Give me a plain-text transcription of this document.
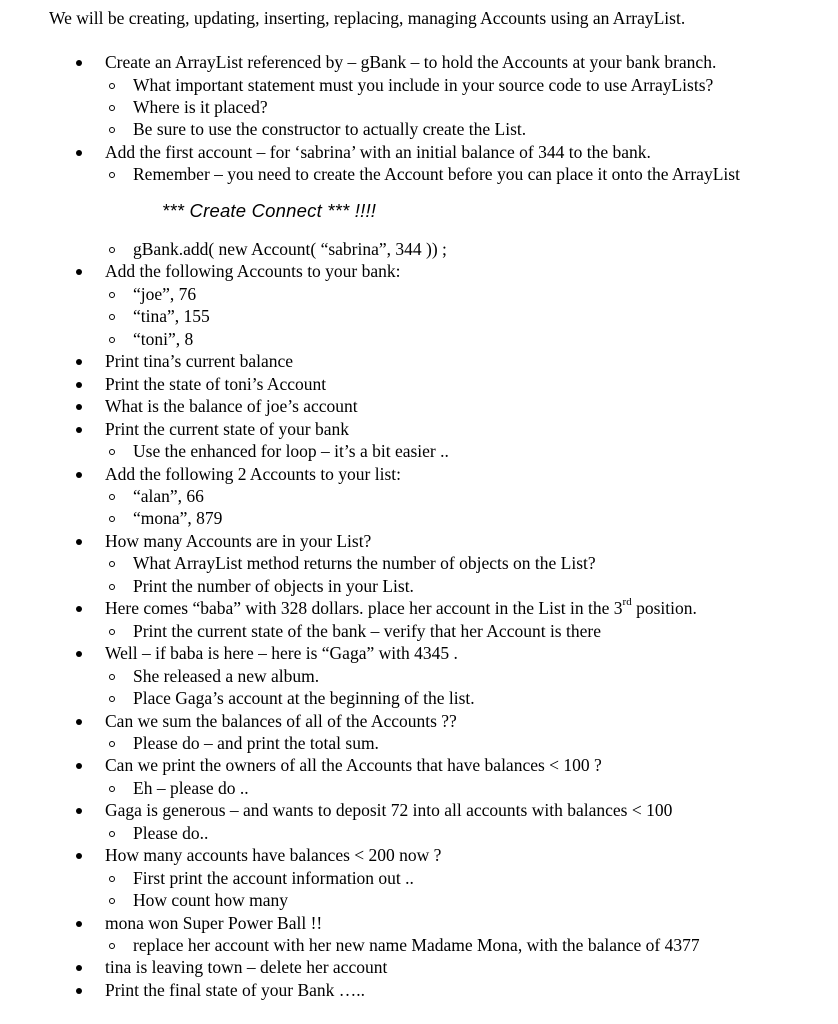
We will be creating, updating, inserting, replacing, managing Accounts using an ArrayList.
Create an ArrayList referenced by – gBank – to hold the Accounts at your bank branch.
What important statement must you include in your source code to use ArrayLists?
Where is it placed?
Be sure to use the constructor to actually create the List.
Add the first account – for ‘sabrina’ with an initial balance of 344 to the bank.
Remember – you need to create the Account before you can place it onto the ArrayList
*** Create Connect *** !!!!
gBank.add( new Account( “sabrina”, 344 )) ;
Add the following Accounts to your bank:
“joe”, 76
“tina”, 155
“toni”, 8
Print tina’s current balance
Print the state of toni’s Account
What is the balance of joe’s account
Print the current state of your bank
Use the enhanced for loop – it’s a bit easier ..
Add the following 2 Accounts to your list:
“alan”, 66
“mona”, 879
How many Accounts are in your List?
What ArrayList method returns the number of objects on the List?
Print the number of objects in your List.
Here comes “baba” with 328 dollars. place her account in the List in the 3rd position.
Print the current state of the bank – verify that her Account is there
Well – if baba is here – here is “Gaga” with 4345 .
She released a new album.
Place Gaga’s account at the beginning of the list.
Can we sum the balances of all of the Accounts ??
Please do – and print the total sum.
Can we print the owners of all the Accounts that have balances < 100 ?
Eh – please do ..
Gaga is generous – and wants to deposit 72 into all accounts with balances < 100
Please do..
How many accounts have balances < 200 now ?
First print the account information out ..
How count how many
mona won Super Power Ball !!
replace her account with her new name Madame Mona, with the balance of 4377
tina is leaving town – delete her account
Print the final state of your Bank …..
